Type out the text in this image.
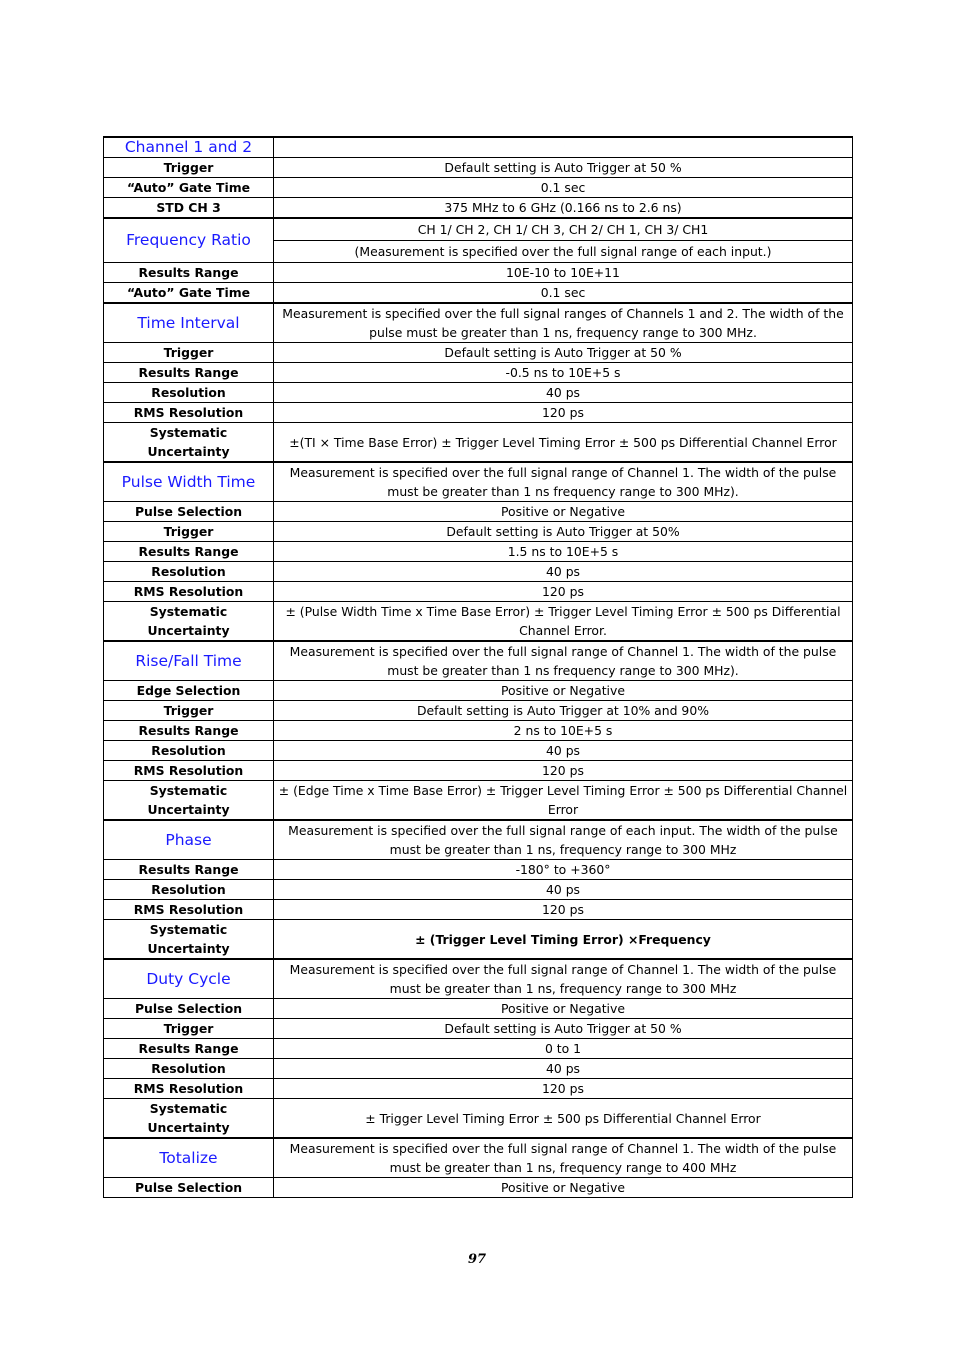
Channel 1 and 2	
Trigger	Default setting is Auto Trigger at 50 %
“Auto” Gate Time	0.1 sec
STD CH 3	375 MHz to 6 GHz (0.166 ns to 2.6 ns)
Frequency Ratio	CH 1/ CH 2, CH 1/ CH 3, CH 2/ CH 1, CH 3/ CH1
	(Measurement is specified over the full signal range of each input.)
Results Range	10E-10 to 10E+11
“Auto” Gate Time	0.1 sec
Time Interval	Measurement is specified over the full signal ranges of Channels 1 and 2. The width of the pulse must be greater than 1 ns, frequency range to 300 MHz.
Trigger	Default setting is Auto Trigger at 50 %
Results Range	-0.5 ns to 10E+5 s
Resolution	40 ps
RMS Resolution	120 ps
Systematic Uncertainty	±(TI × Time Base Error) ± Trigger Level Timing Error ± 500 ps Differential Channel Error
Pulse Width Time	Measurement is specified over the full signal range of Channel 1. The width of the pulse must be greater than 1 ns frequency range to 300 MHz).
Pulse Selection	Positive or Negative
Trigger	Default setting is Auto Trigger at 50%
Results Range	1.5 ns to 10E+5 s
Resolution	40 ps
RMS Resolution	120 ps
Systematic Uncertainty	± (Pulse Width Time x Time Base Error) ± Trigger Level Timing Error ± 500 ps Differential Channel Error.
Rise/Fall Time	Measurement is specified over the full signal range of Channel 1. The width of the pulse must be greater than 1 ns frequency range to 300 MHz).
Edge Selection	Positive or Negative
Trigger	Default setting is Auto Trigger at 10% and 90%
Results Range	2 ns to 10E+5 s
Resolution	40 ps
RMS Resolution	120 ps
Systematic Uncertainty	± (Edge Time x Time Base Error) ± Trigger Level Timing Error ± 500 ps Differential Channel Error
Phase	Measurement is specified over the full signal range of each input. The width of the pulse must be greater than 1 ns, frequency range to 300 MHz
Results Range	-180° to +360°
Resolution	40 ps
RMS Resolution	120 ps
Systematic Uncertainty	± (Trigger Level Timing Error) ×Frequency
Duty Cycle	Measurement is specified over the full signal range of Channel 1. The width of the pulse must be greater than 1 ns, frequency range to 300 MHz
Pulse Selection	Positive or Negative
Trigger	Default setting is Auto Trigger at 50 %
Results Range	0 to 1
Resolution	40 ps
RMS Resolution	120 ps
Systematic Uncertainty	± Trigger Level Timing Error ± 500 ps Differential Channel Error
Totalize	Measurement is specified over the full signal range of Channel 1. The width of the pulse must be greater than 1 ns, frequency range to 400 MHz
Pulse Selection	Positive or Negative
97
